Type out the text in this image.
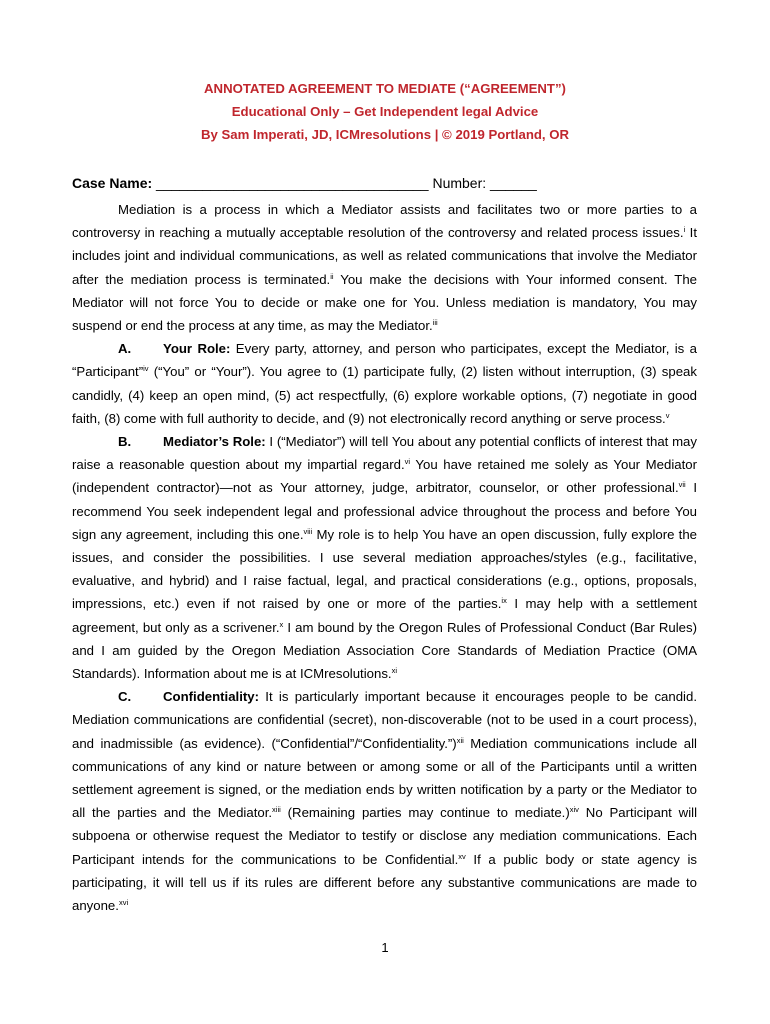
ANNOTATED AGREEMENT TO MEDIATE (“AGREEMENT”)
Educational Only – Get Independent legal Advice
By Sam Imperati, JD, ICMresolutions | © 2019 Portland, OR
Case Name: ___________________________________ Number: ______

Mediation is a process in which a Mediator assists and facilitates two or more parties to a controversy in reaching a mutually acceptable resolution of the controversy and related process issues.$^i$ It includes joint and individual communications, as well as related communications that involve the Mediator after the mediation process is terminated.$^{ii}$ You make the decisions with Your informed consent. The Mediator will not force You to decide or make one for You. Unless mediation is mandatory, You may suspend or end the process at any time, as may the Mediator.$^{iii}$

A. Your Role: Every party, attorney, and person who participates, except the Mediator, is a “Participant”$^{iv}$ (“You” or “Your”). You agree to (1) participate fully, (2) listen without interruption, (3) speak candidly, (4) keep an open mind, (5) act respectfully, (6) explore workable options, (7) negotiate in good faith, (8) come with full authority to decide, and (9) not electronically record anything or serve process.$^v$

B. Mediator’s Role: I (“Mediator”) will tell You about any potential conflicts of interest that may raise a reasonable question about my impartial regard.$^{vi}$ You have retained me solely as Your Mediator (independent contractor)—not as Your attorney, judge, arbitrator, counselor, or other professional.$^{vii}$ I recommend You seek independent legal and professional advice throughout the process and before You sign any agreement, including this one.$^{viii}$ My role is to help You have an open discussion, fully explore the issues, and consider the possibilities. I use several mediation approaches/styles (e.g., facilitative, evaluative, and hybrid) and I raise factual, legal, and practical considerations (e.g., options, proposals, impressions, etc.) even if not raised by one or more of the parties.$^{ix}$ I may help with a settlement agreement, but only as a scrivener.$^x$ I am bound by the Oregon Rules of Professional Conduct (Bar Rules) and I am guided by the Oregon Mediation Association Core Standards of Mediation Practice (OMA Standards). Information about me is at ICMresolutions.$^{xi}$

C. Confidentiality: It is particularly important because it encourages people to be candid. Mediation communications are confidential (secret), non-discoverable (not to be used in a court process), and inadmissible (as evidence). (“Confidential”/“Confidentiality.”)$^{xii}$ Mediation communications include all communications of any kind or nature between or among some or all of the Participants until a written settlement agreement is signed, or the mediation ends by written notification by a party or the Mediator to all the parties and the Mediator.$^{xiii}$ (Remaining parties may continue to mediate.)$^{xiv}$ No Participant will subpoena or otherwise request the Mediator to testify or disclose any mediation communications. Each Participant intends for the communications to be Confidential.$^{xv}$ If a public body or state agency is participating, it will tell us if its rules are different before any substantive communications are made to anyone.$^{xvi}$

1
